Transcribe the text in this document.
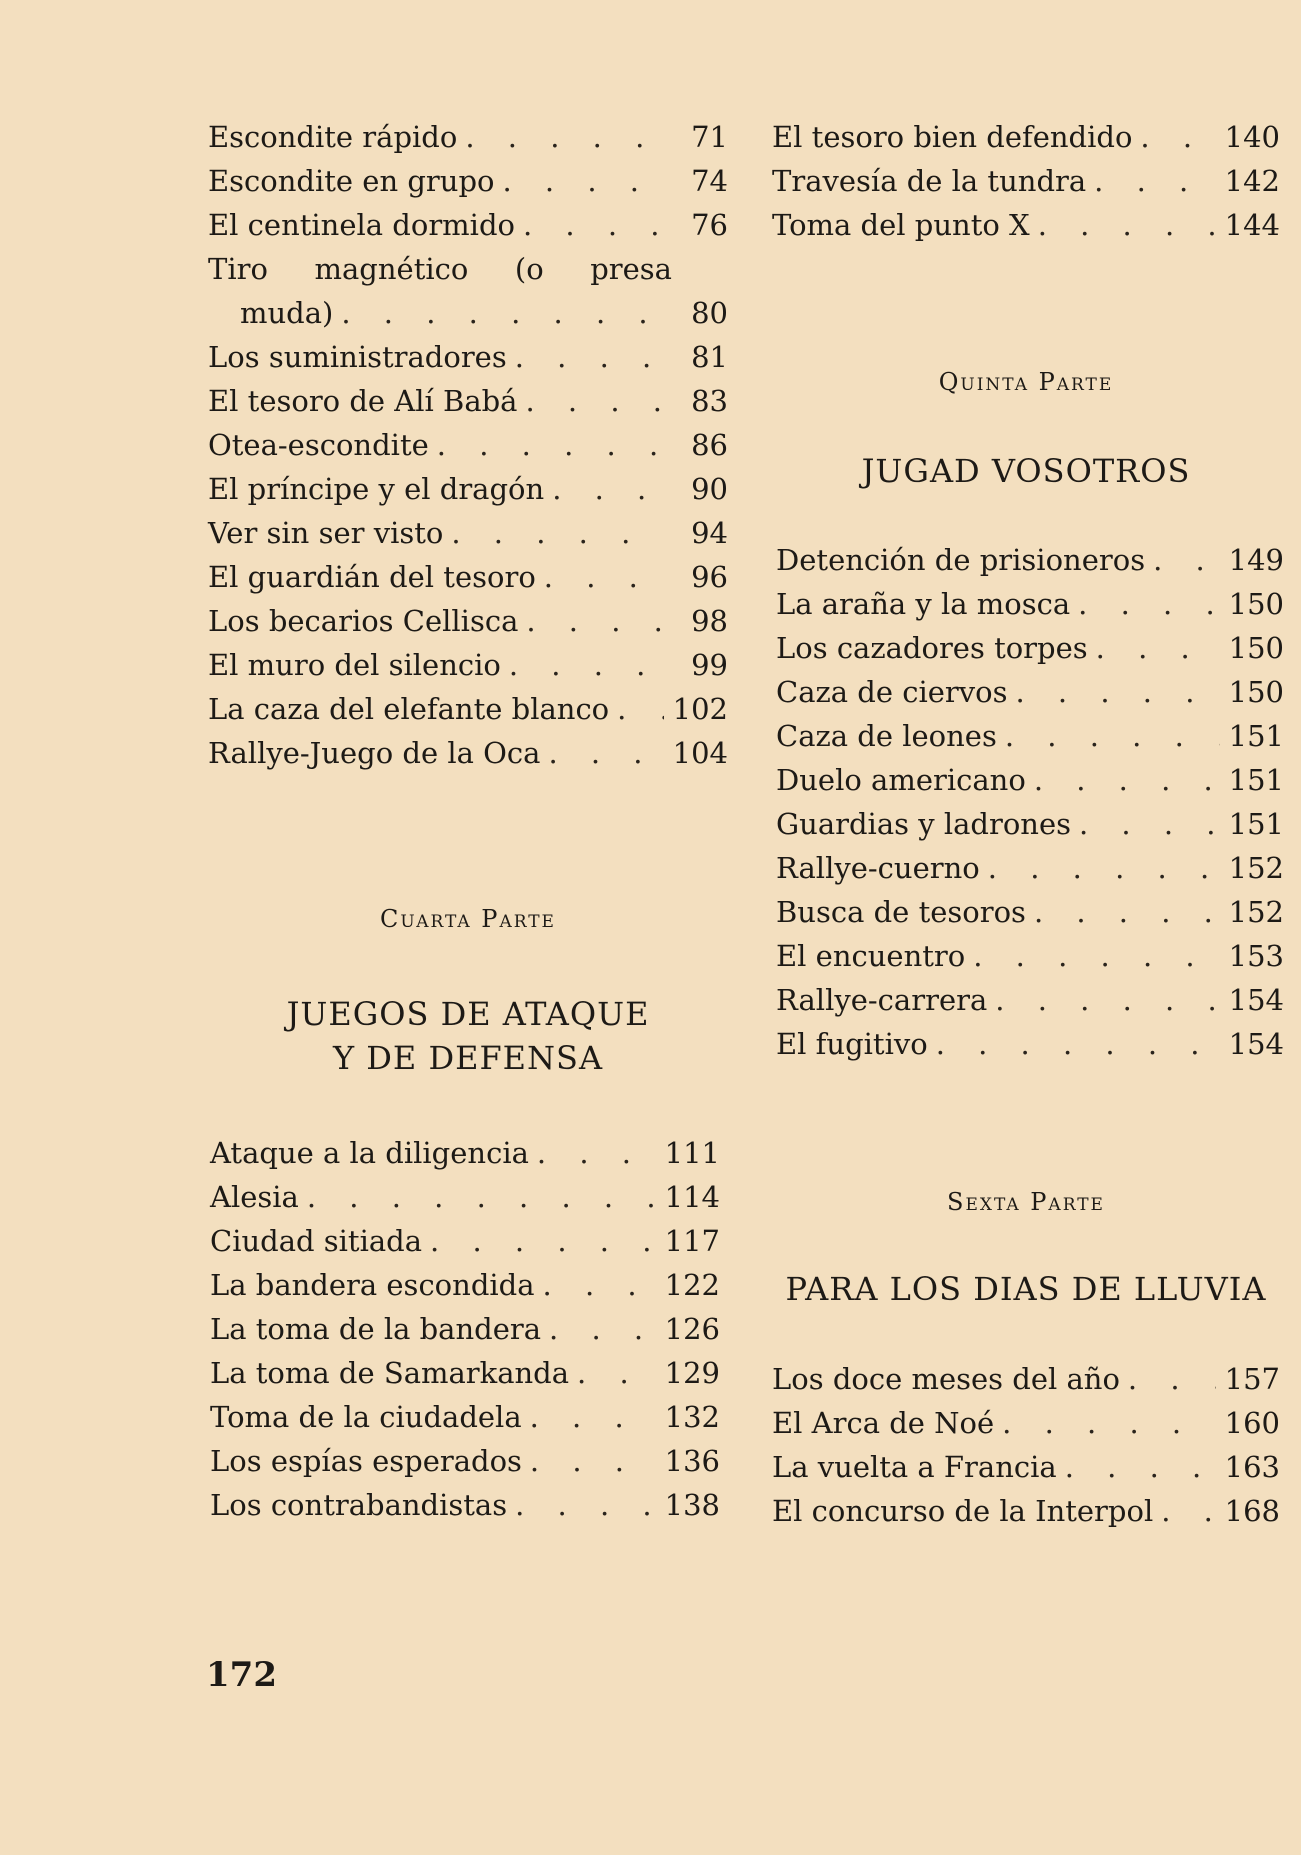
Escondite rápido . . .	71
Escondite en grupo . . .	74
El centinela dormido . . .	76
Tiro magnético (o presa
muda) . . .	80
Los suministradores . . .	81
El tesoro de Alí Babá . . .	83
Otea-escondite . . .	86
El príncipe y el dragón . . .	90
Ver sin ser visto . . .	94
El guardián del tesoro . . .	96
Los becarios Cellisca . . .	98
El muro del silencio . . .	99
La caza del elefante blanco . . . 102
Rallye-Juego de la Oca . . .	104
Cuarta Parte
JUEGOS DE ATAQUE
Y DE DEFENSA
Ataque a la diligencia . . .	111
Alesia . . .	114
Ciudad sitiada . . .	117
La bandera escondida . . .	122
La toma de la bandera . . .	126
La toma de Samarkanda . . .	129
Toma de la ciudadela . . .	132
Los espías esperados . . .	136
Los contrabandistas . . .	138
El tesoro bien defendido . . .	140
Travesía de la tundra . . .	142
Toma del punto X . . .	144
Quinta Parte
JUGAD VOSOTROS
Detención de prisioneros . . .	149
La araña y la mosca . . .	150
Los cazadores torpes . . .	150
Caza de ciervos . . .	150
Caza de leones . . .	151
Duelo americano . . .	151
Guardias y ladrones . . .	151
Rallye-cuerno . . .	152
Busca de tesoros . . .	152
El encuentro . . .	153
Rallye-carrera . . .	154
El fugitivo . . .	154
Sexta Parte
PARA LOS DIAS DE LLUVIA
Los doce meses del año . . .	157
El Arca de Noé . . .	160
La vuelta a Francia . . .	163
El concurso de la Interpol . . . 168
172
